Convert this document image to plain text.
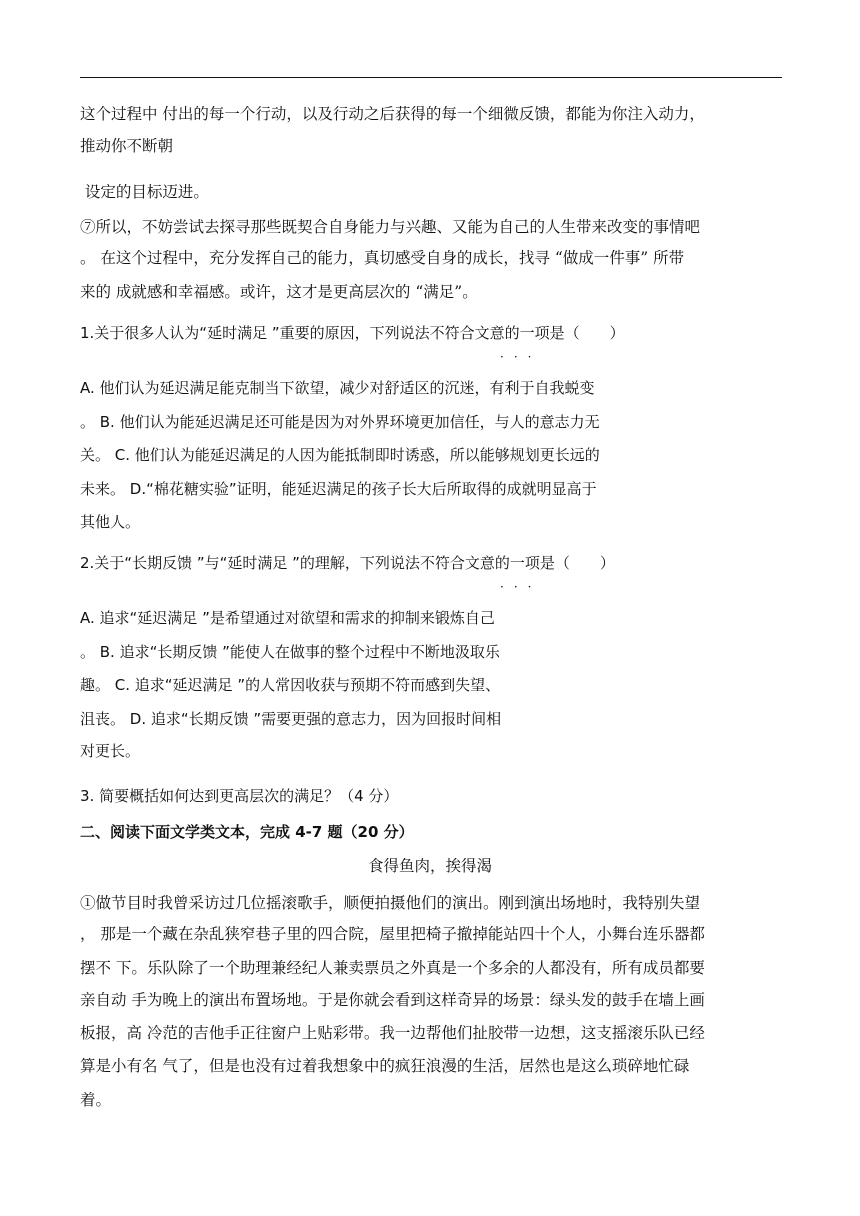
这个过程中 付出的每一个行动，以及行动之后获得的每一个细微反馈，都能为你注入动力，
推动你不断朝
设定的目标迈进。
⑦所以，不妨尝试去探寻那些既契合自身能力与兴趣、又能为自己的人生带来改变的事情吧
。 在这个过程中，充分发挥自己的能力，真切感受自身的成长，找寻 “做成一件事” 所带
来的 成就感和幸福感。或许，这才是更高层次的 “满足”。
1.关于很多人认为“延时满足 ”重要的原因，下列说法不符合文意的一项是（　　）
···
A. 他们认为延迟满足能克制当下欲望，减少对舒适区的沉迷，有利于自我蜕变
。 B. 他们认为能延迟满足还可能是因为对外界环境更加信任，与人的意志力无
关。 C. 他们认为能延迟满足的人因为能抵制即时诱惑，所以能够规划更长远的
未来。 D.“棉花糖实验”证明，能延迟满足的孩子长大后所取得的成就明显高于
其他人。
2.关于“长期反馈 ”与“延时满足 ”的理解，下列说法不符合文意的一项是（　　）
···
A. 追求“延迟满足 ”是希望通过对欲望和需求的抑制来锻炼自己
。 B. 追求“长期反馈 ”能使人在做事的整个过程中不断地汲取乐
趣。 C. 追求“延迟满足 ”的人常因收获与预期不符而感到失望、
沮丧。 D. 追求“长期反馈 ”需要更强的意志力，因为回报时间相
对更长。
3. 简要概括如何达到更高层次的满足？（4 分）
二、阅读下面文学类文本，完成 4-7 题（20 分）
食得鱼肉，挨得渴
①做节目时我曾采访过几位摇滚歌手，顺便拍摄他们的演出。刚到演出场地时，我特别失望
， 那是一个藏在杂乱狭窄巷子里的四合院，屋里把椅子撤掉能站四十个人，小舞台连乐器都
摆不 下。乐队除了一个助理兼经纪人兼卖票员之外真是一个多余的人都没有，所有成员都要
亲自动 手为晚上的演出布置场地。于是你就会看到这样奇异的场景：绿头发的鼓手在墙上画
板报，高 冷范的吉他手正往窗户上贴彩带。我一边帮他们扯胶带一边想，这支摇滚乐队已经
算是小有名 气了，但是也没有过着我想象中的疯狂浪漫的生活，居然也是这么琐碎地忙碌
着。
